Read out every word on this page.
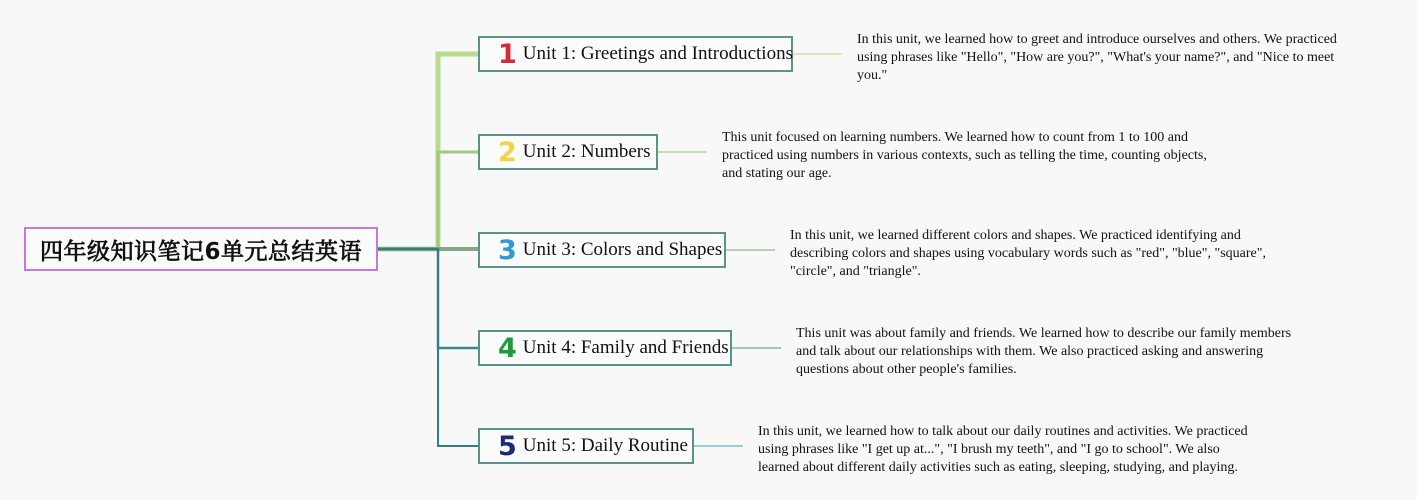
四年级知识笔记6单元总结英语
1 Unit 1: Greetings and Introductions
In this unit, we learned how to greet and introduce ourselves and others. We practiced using phrases like "Hello", "How are you?", "What's your name?", and "Nice to meet you."
2 Unit 2: Numbers
This unit focused on learning numbers. We learned how to count from 1 to 100 and practiced using numbers in various contexts, such as telling the time, counting objects, and stating our age.
3 Unit 3: Colors and Shapes
In this unit, we learned different colors and shapes. We practiced identifying and describing colors and shapes using vocabulary words such as "red", "blue", "square", "circle", and "triangle".
4 Unit 4: Family and Friends
This unit was about family and friends. We learned how to describe our family members and talk about our relationships with them. We also practiced asking and answering questions about other people's families.
5 Unit 5: Daily Routine
In this unit, we learned how to talk about our daily routines and activities. We practiced using phrases like "I get up at...", "I brush my teeth", and "I go to school". We also learned about different daily activities such as eating, sleeping, studying, and playing.
